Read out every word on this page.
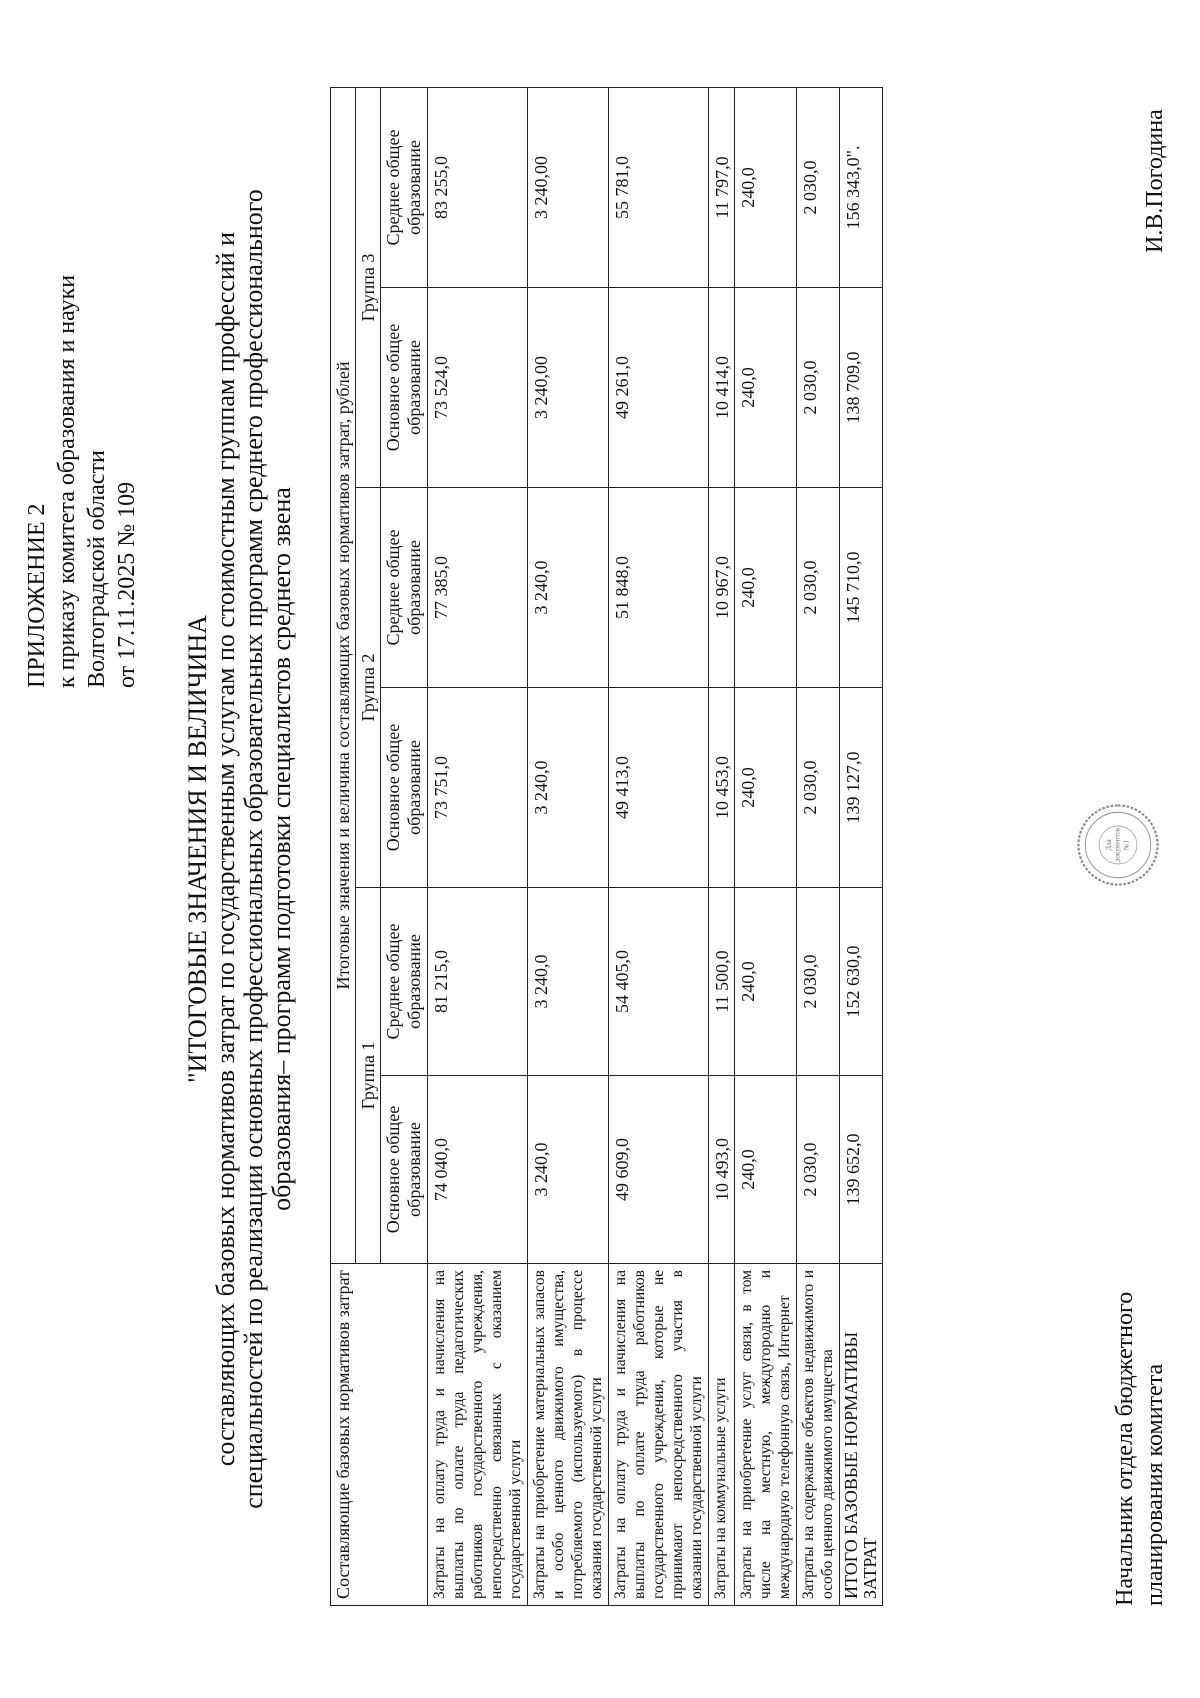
ПРИЛОЖЕНИЕ 2 к приказу комитета образования и науки Волгоградской области от 17.11.2025 № 109
"ИТОГОВЫЕ ЗНАЧЕНИЯ И ВЕЛИЧИНА составляющих базовых нормативов затрат по государственным услугам по стоимостным группам профессий и специальностей по реализации основных профессиональных образовательных программ среднего профессионального образования– программ подготовки специалистов среднего звена
Составляющие базовых нормативов затрат	Итоговые значения и величина составляющих базовых нормативов затрат, рублей					
	Группа 1		Группа 2		Группа 3	
	Основное общее образование	Среднее общее образование	Основное общее образование	Среднее общее образование	Основное общее образование	Среднее общее образование
Затраты на оплату труда и начисления на выплаты по оплате труда педагогических работников государственного учреждения, непосредственно связанных с оказанием государственной услуги	74 040,0	81 215,0	73 751,0	77 385,0	73 524,0	83 255,0
Затраты на приобретение материальных запасов и особо ценного движимого имущества, потребляемого (используемого) в процессе оказания государственной услуги	3 240,0	3 240,0	3 240,0	3 240,0	3 240,00	3 240,00
Затраты на оплату труда и начисления на выплаты по оплате труда работников государственного учреждения, которые не принимают непосредственного участия в оказании государственной услуги	49 609,0	54 405,0	49 413,0	51 848,0	49 261,0	55 781,0
Затраты на коммунальные услуги	10 493,0	11 500,0	10 453,0	10 967,0	10 414,0	11 797,0
Затраты на приобретение услуг связи, в том числе на местную, междугородню и международную телефонную связь, Интернет	240,0	240,0	240,0	240,0	240,0	240,0
Затраты на содержание объектов недвижимого и особо ценного движимого имущества	2 030,0	2 030,0	2 030,0	2 030,0	2 030,0	2 030,0
ИТОГО БАЗОВЫЕ НОРМАТИВЫ ЗАТРАТ	139 652,0	152 630,0	139 127,0	145 710,0	138 709,0	156 343,0".
Для документов №1
Начальник отдела бюджетного планирования комитета
И.В.Погодина
